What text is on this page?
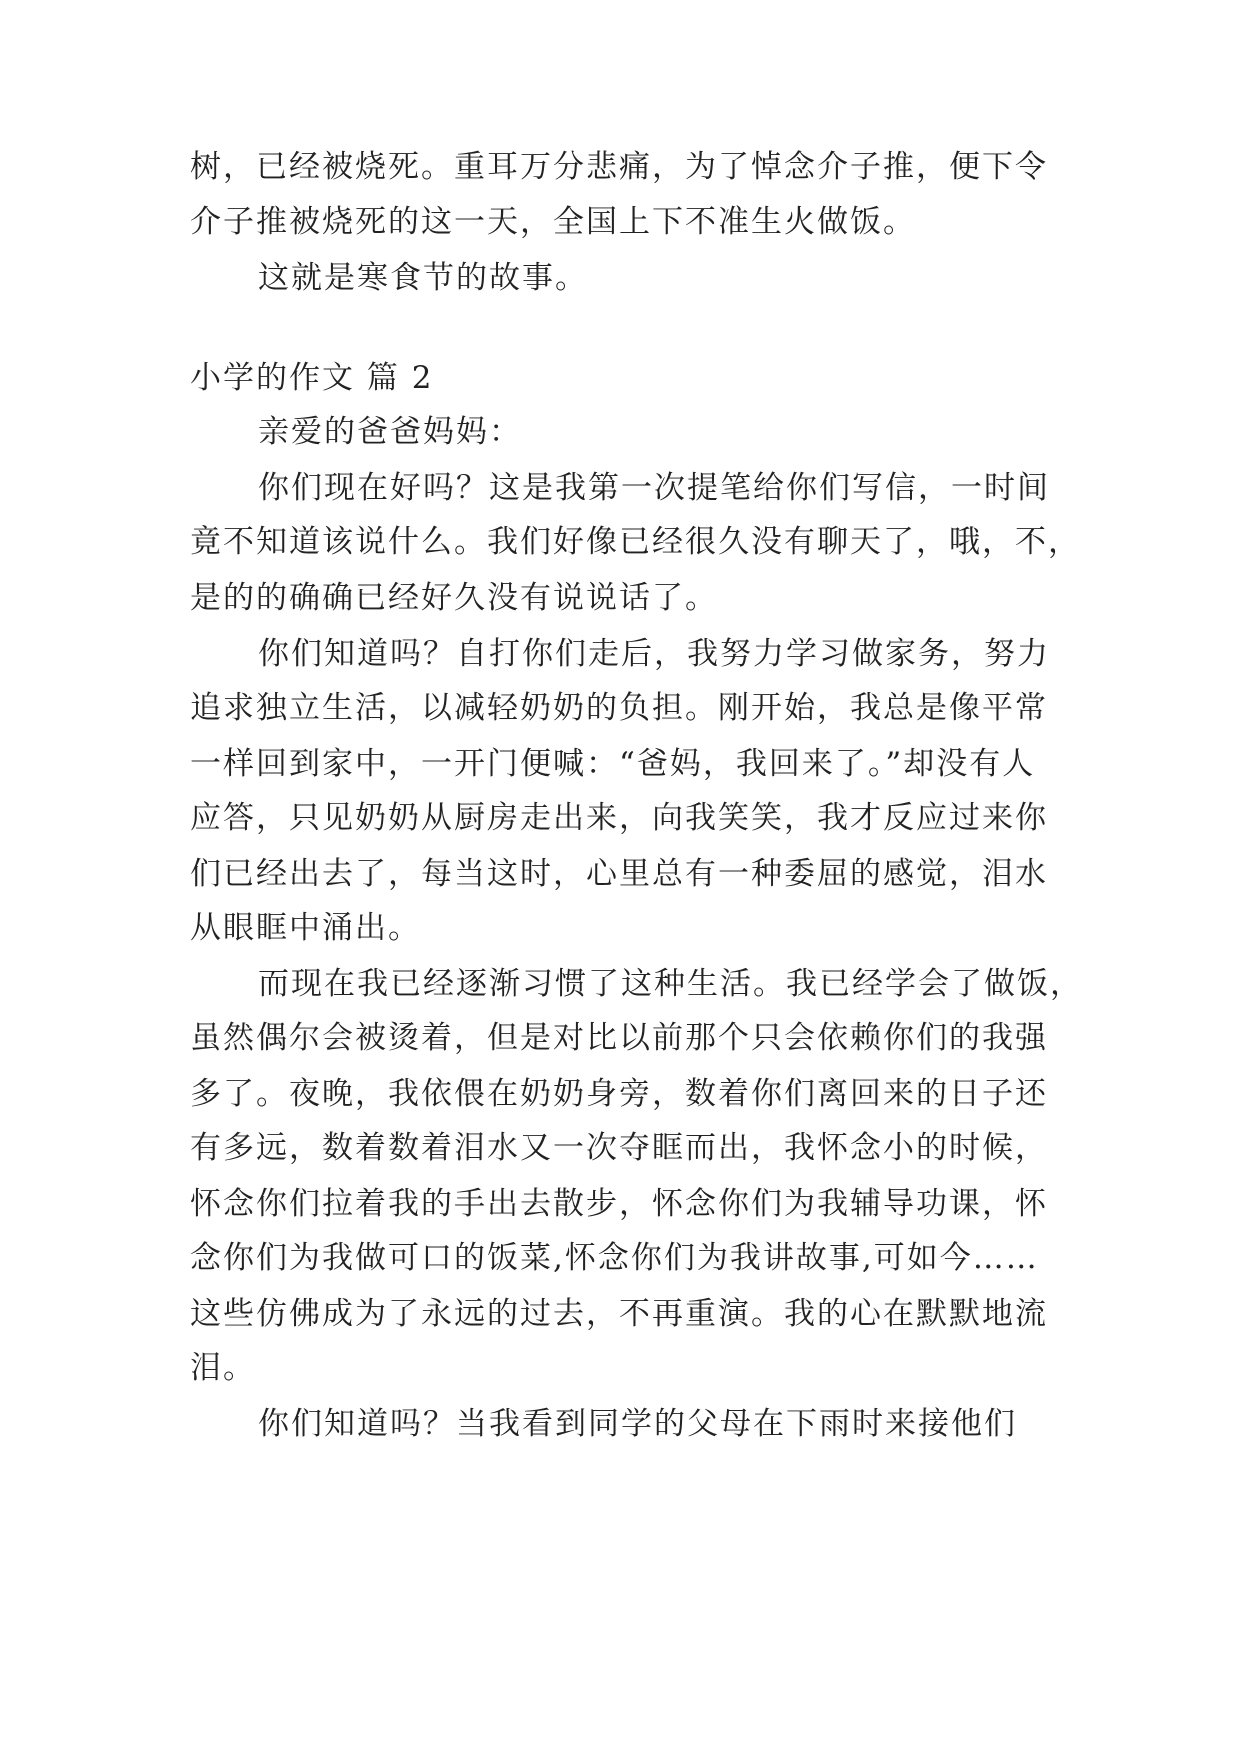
树，已经被烧死。重耳万分悲痛，为了悼念介子推，便下令
介子推被烧死的这一天，全国上下不准生火做饭。
这就是寒食节的故事。
小学的作文 篇 2
亲爱的爸爸妈妈：
你们现在好吗？这是我第一次提笔给你们写信，一时间
竟不知道该说什么。我们好像已经很久没有聊天了，哦，不，
是的的确确已经好久没有说说话了。
你们知道吗？自打你们走后，我努力学习做家务，努力
追求独立生活，以减轻奶奶的负担。刚开始，我总是像平常
一样回到家中，一开门便喊：“爸妈，我回来了。”却没有人
应答，只见奶奶从厨房走出来，向我笑笑，我才反应过来你
们已经出去了，每当这时，心里总有一种委屈的感觉，泪水
从眼眶中涌出。
而现在我已经逐渐习惯了这种生活。我已经学会了做饭，
虽然偶尔会被烫着，但是对比以前那个只会依赖你们的我强
多了。夜晚，我依偎在奶奶身旁，数着你们离回来的日子还
有多远，数着数着泪水又一次夺眶而出，我怀念小的时候，
怀念你们拉着我的手出去散步，怀念你们为我辅导功课，怀
念你们为我做可口的饭菜,怀念你们为我讲故事,可如今……
这些仿佛成为了永远的过去，不再重演。我的心在默默地流
泪。
你们知道吗？当我看到同学的父母在下雨时来接他们
